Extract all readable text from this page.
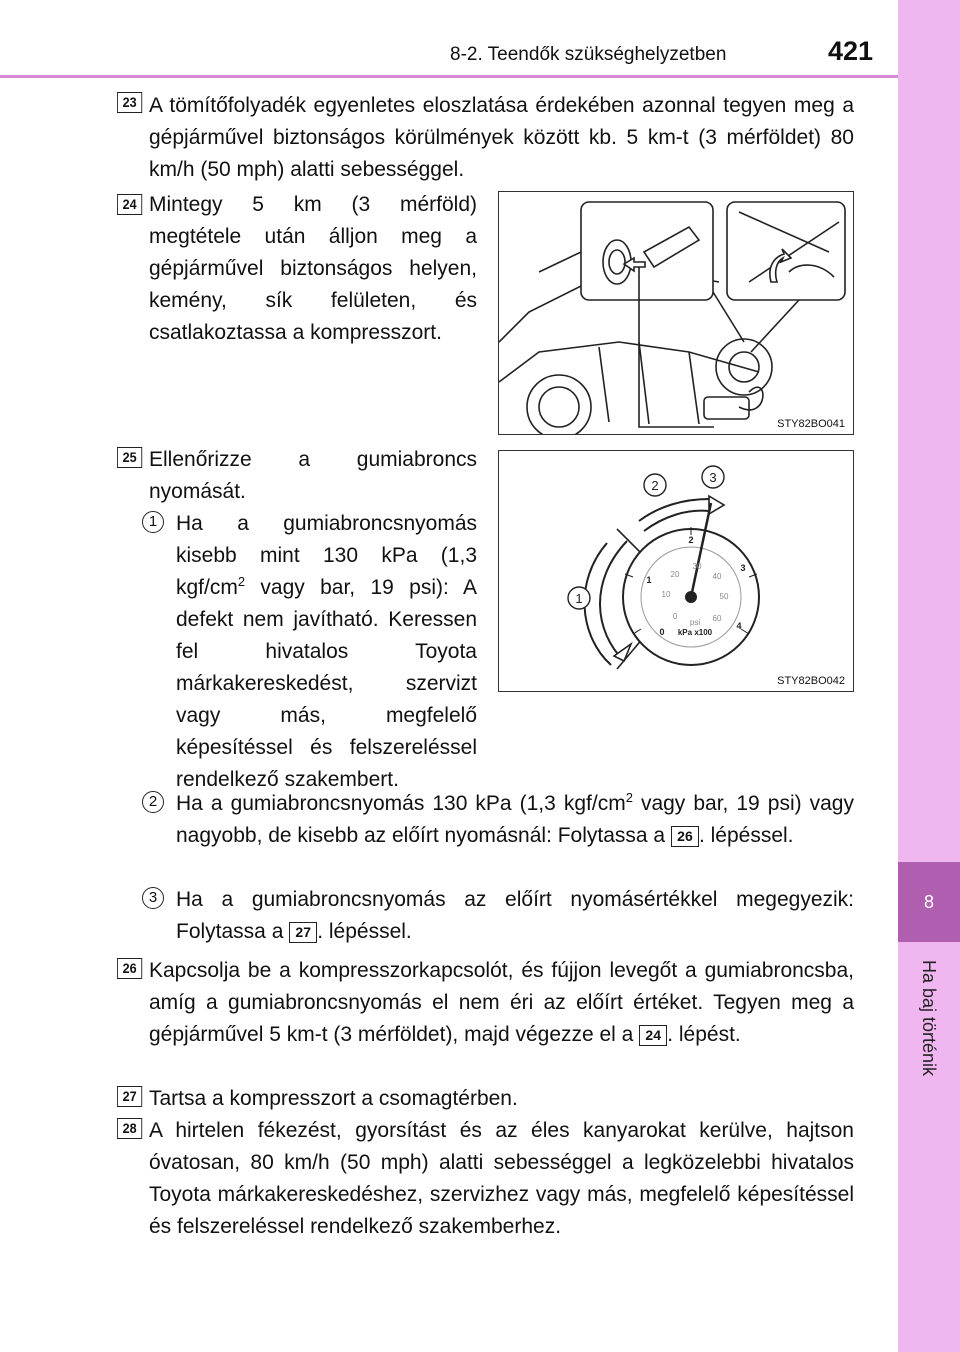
8-2. Teendők szükséghelyzetben	421
8
Ha baj történik
23 A tömítőfolyadék egyenletes eloszlatása érdekében azonnal tegyen meg a gépjárművel biztonságos körülmények között kb. 5 km-t (3 mérföldet) 80 km/h (50 mph) alatti sebességgel.
24 Mintegy 5 km (3 mérföld) megtétele után álljon meg a gépjárművel biztonságos helyen, kemény, sík felületen, és csatlakoztassa a kompresszort.
STY82BO041
25 Ellenőrizze a gumiabroncs nyomását.
1 Ha a gumiabroncsnyomás kisebb mint 130 kPa (1,3 kgf/$cm^2$ vagy bar, 19 psi): A defekt nem javítható. Keressen fel hivatalos Toyota márkakereskedést, szervizt vagy más, megfelelő képesítéssel és felszereléssel rendelkező szakembert.
0
1
2
3
4
0
10
20
30
40
50
60
psi
kPa x100
1
2
3
STY82BO042
2 Ha a gumiabroncsnyomás 130 kPa (1,3 kgf/$cm^2$ vagy bar, 19 psi) vagy nagyobb, de kisebb az előírt nyomásnál: Folytassa a 26 . lépéssel.
3 Ha a gumiabroncsnyomás az előírt nyomásértékkel megegyezik: Folytassa a 27 . lépéssel.
26 Kapcsolja be a kompresszorkapcsolót, és fújjon levegőt a gumiabroncsba, amíg a gumiabroncsnyomás el nem éri az előírt értéket. Tegyen meg a gépjárművel 5 km-t (3 mérföldet), majd végezze el a 24 . lépést.
27 Tartsa a kompresszort a csomagtérben.
28 A hirtelen fékezést, gyorsítást és az éles kanyarokat kerülve, hajtson óvatosan, 80 km/h (50 mph) alatti sebességgel a legközelebbi hivatalos Toyota márkakereskedéshez, szervizhez vagy más, megfelelő képesítéssel és felszereléssel rendelkező szakemberhez.
